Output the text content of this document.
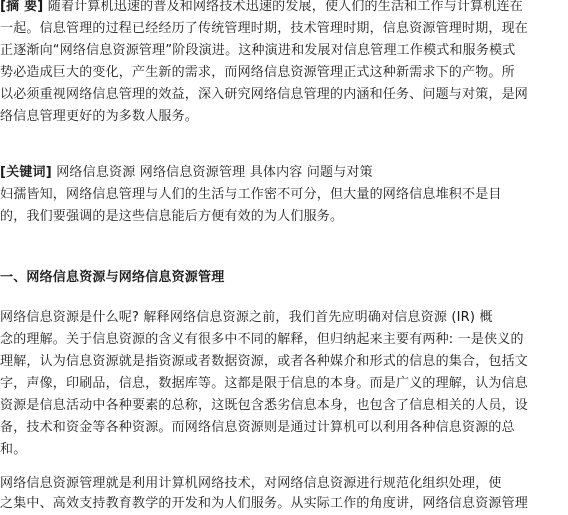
[摘 要] 随着计算机迅速的普及和网络技术迅速的发展，使人们的生活和工作与计算机连在
一起。信息管理的过程已经经历了传统管理时期，技术管理时期，信息资源管理时期，现在
正逐渐向“网络信息资源管理”阶段演进。这种演进和发展对信息管理工作模式和服务模式
势必造成巨大的变化，产生新的需求，而网络信息资源管理正式这种新需求下的产物。所
以必须重视网络信息管理的效益，深入研究网络信息管理的内涵和任务、问题与对策，是网
络信息管理更好的为多数人服务。
[关键词] 网络信息资源 网络信息资源管理 具体内容 问题与对策
妇孺皆知，网络信息管理与人们的生活与工作密不可分，但大量的网络信息堆积不是目
的，我们要强调的是这些信息能后方便有效的为人们服务。
一、网络信息资源与网络信息资源管理
网络信息资源是什么呢? 解释网络信息资源之前，我们首先应明确对信息资源 (IR) 概
念的理解。关于信息资源的含义有很多中不同的解释，但归纳起来主要有两种: 一是侠义的
理解，认为信息资源就是指资源或者数据资源，或者各种媒介和形式的信息的集合，包括文
字，声像，印刷品，信息，数据库等。这都是限于信息的本身。而是广义的理解，认为信息
资源是信息活动中各种要素的总称，这既包含悉劣信息本身，也包含了信息相关的人员，设
备，技术和资金等各种资源。而网络信息资源则是通过计算机可以利用各种信息资源的总
和。
网络信息资源管理就是利用计算机网络技术，对网络信息资源进行规范化组织处理，使
之集中、高效支持教育教学的开发和为人们服务。从实际工作的角度讲，网络信息资源管理
